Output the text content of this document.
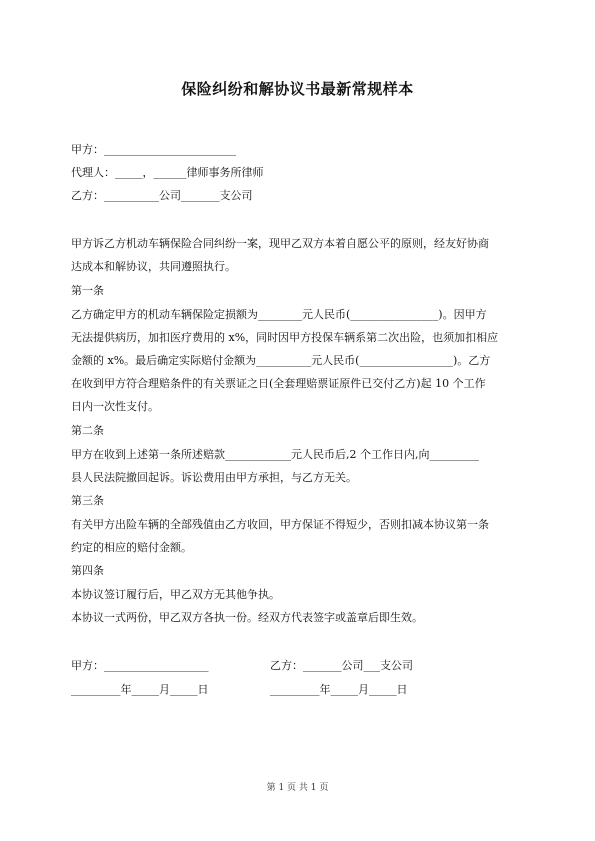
保险纠纷和解协议书最新常规样本
甲方：________________________
代理人：_____，______律师事务所律师
乙方：__________公司_______支公司
甲方诉乙方机动车辆保险合同纠纷一案，现甲乙双方本着自愿公平的原则，经友好协商
达成本和解协议，共同遵照执行。
第一条
乙方确定甲方的机动车辆保险定损额为________元人民币(________________)。因甲方
无法提供病历，加扣医疗费用的 x%，同时因甲方投保车辆系第二次出险，也须加扣相应
金额的 x%。最后确定实际赔付金额为__________元人民币(_________________)。乙方
在收到甲方符合理赔条件的有关票证之日(全套理赔票证原件已交付乙方)起 10 个工作
日内一次性支付。
第二条
甲方在收到上述第一条所述赔款____________元人民币后,2 个工作日内,向_________
县人民法院撤回起诉。诉讼费用由甲方承担，与乙方无关。
第三条
有关甲方出险车辆的全部残值由乙方收回，甲方保证不得短少，否则扣减本协议第一条
约定的相应的赔付金额。
第四条
本协议签订履行后，甲乙双方无其他争执。
本协议一式两份，甲乙双方各执一份。经双方代表签字或盖章后即生效。
甲方：___________________	乙方：_______公司___支公司
_________年_____月_____日	_________年_____月_____日
第 1 页 共 1 页
